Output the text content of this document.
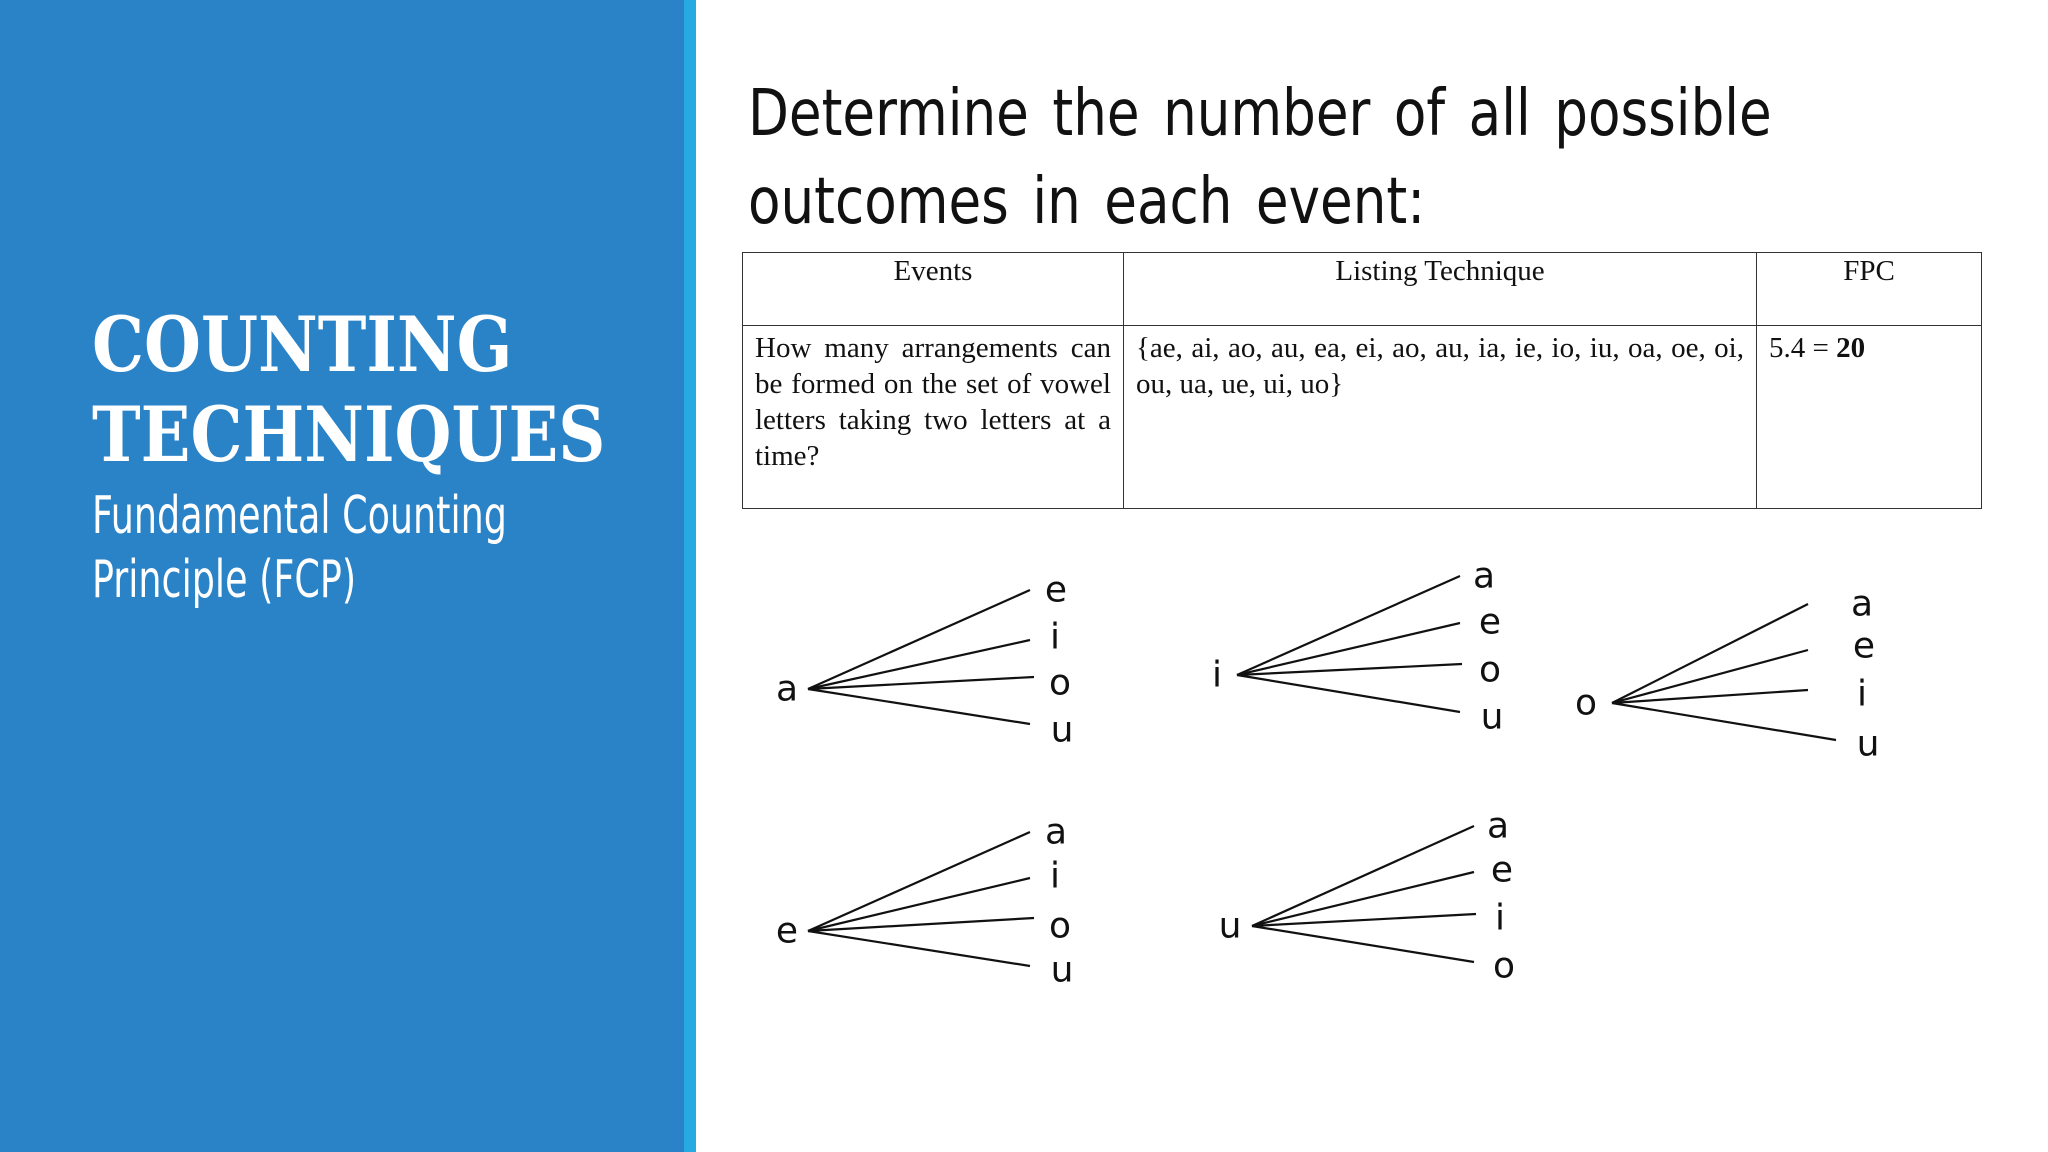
COUNTING
TECHNIQUES
Fundamental Counting
Principle (FCP)
Determine the number of all possible outcomes in each event:
Events	Listing Technique	FPC
How many arrangements can be formed on the set of vowel letters taking two letters at a time?	{ae, ai, ao, au, ea, ei, ao, au, ia, ie, io, iu, oa, oe, oi, ou, ua, ue, ui, uo}	5.4 = 20
a
e
i
o
u
i
a
e
o
u o
a
e
i
u
e
a
i
o
u
u
a
e
i
o
